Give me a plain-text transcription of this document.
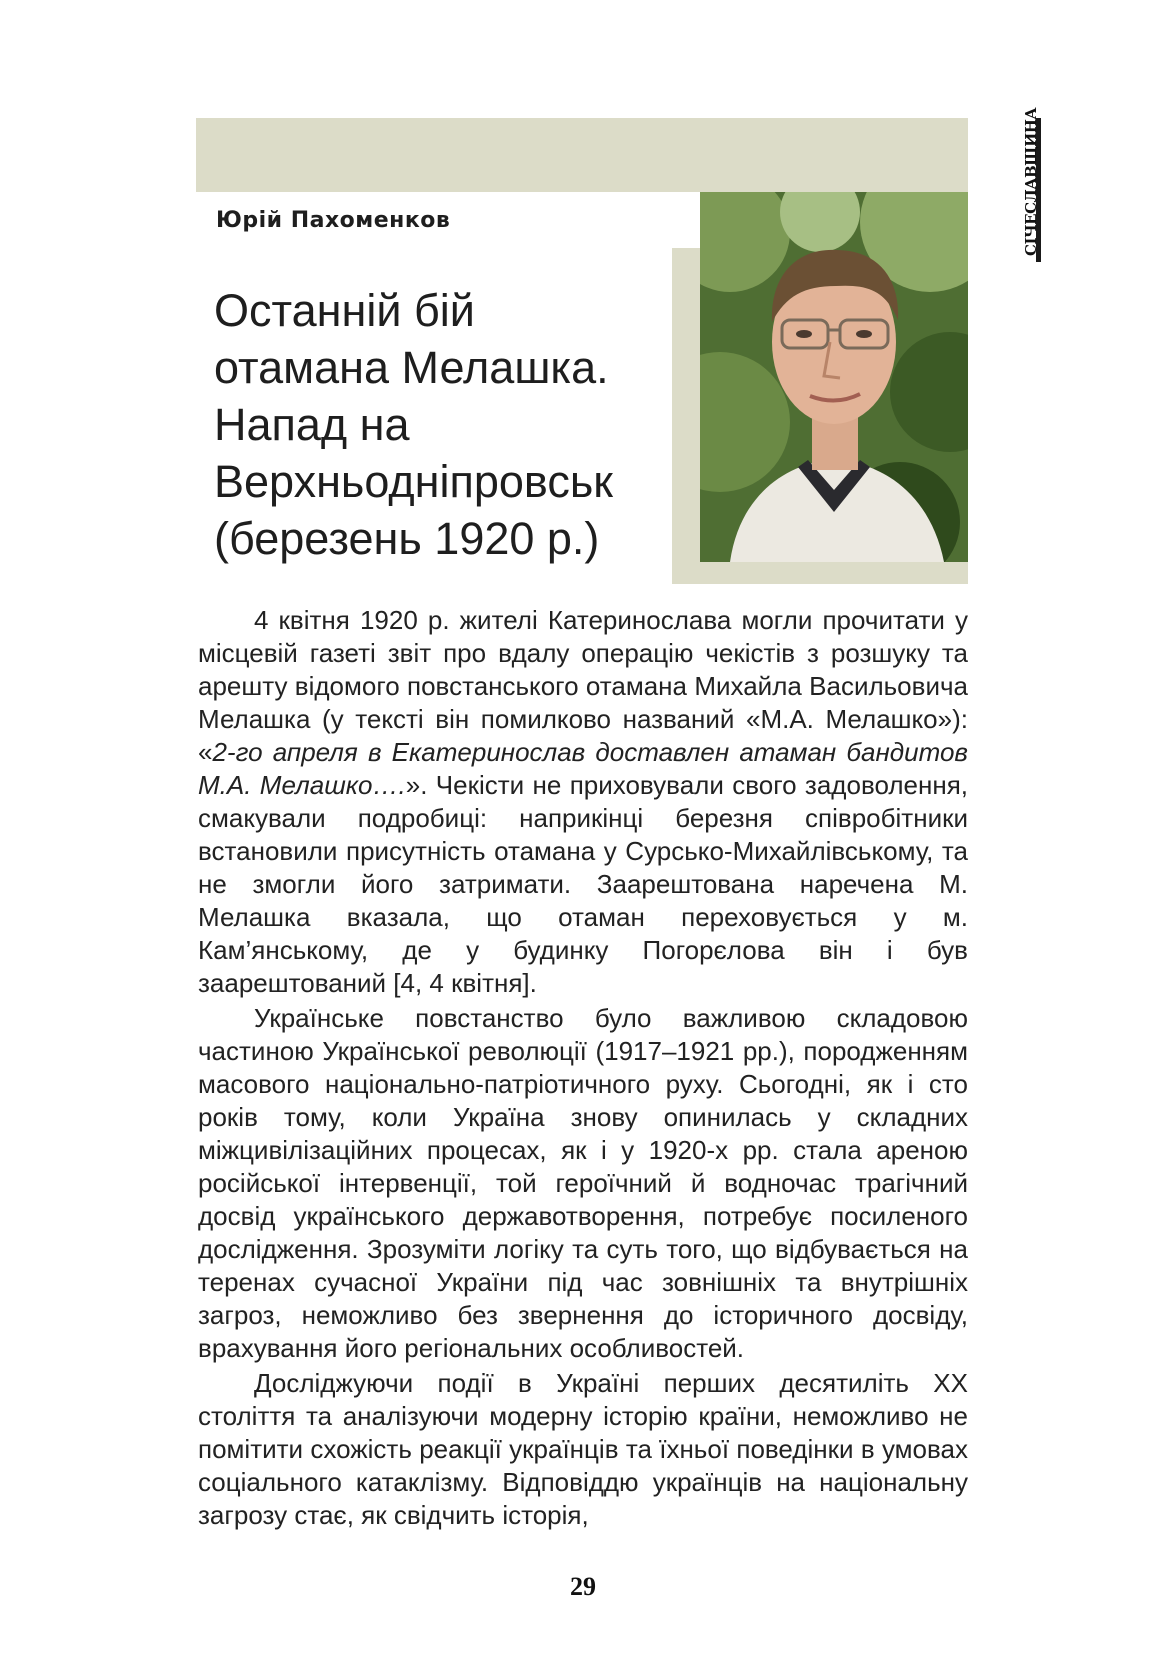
СІЧЕСЛАВЩИНА
Юрій Пахоменков
Останній бій
отамана Мелашка.
Напад на
Верхньодніпровськ
(березень 1920 р.)

4 квітня 1920 р. жителі Катеринослава могли прочитати у місцевій газеті звіт про вдалу операцію чекістів з розшуку та арешту відомого повстанського отамана Михайла Васильовича Мелашка (у тексті він помилково названий «М.А. Мелашко»): «2-го апреля в Екатеринослав доставлен атаман бандитов М.А. Мелашко….». Чекісти не приховували свого задоволення, смакували подробиці: наприкінці березня співробітники встановили присутність отамана у Сурсько-Михайлівському, та не змогли його затримати. Заарештована наречена М. Мелашка вказала, що отаман переховується у м. Кам’янському, де у будинку Погорєлова він і був заарештований [4, 4 квітня].

Українське повстанство було важливою складовою частиною Української революції (1917–1921 рр.), породженням масового національно-патріотичного руху. Сьогодні, як і сто років тому, коли Україна знову опинилась у складних міжцивілізаційних процесах, як і у 1920-х рр. стала ареною російської інтервенції, той героїчний й водночас трагічний досвід українського державотворення, потребує посиленого дослідження. Зрозуміти логіку та суть того, що відбувається на теренах сучасної України під час зовнішніх та внутрішніх загроз, неможливо без звернення до історичного досвіду, врахування його регіональних особливостей.

Досліджуючи події в Україні перших десятиліть XX століття та аналізуючи модерну історію країни, неможливо не помітити схожість реакції українців та їхньої поведінки в умовах соціального катаклізму. Відповіддю українців на національну загрозу стає, як свідчить історія,

29
